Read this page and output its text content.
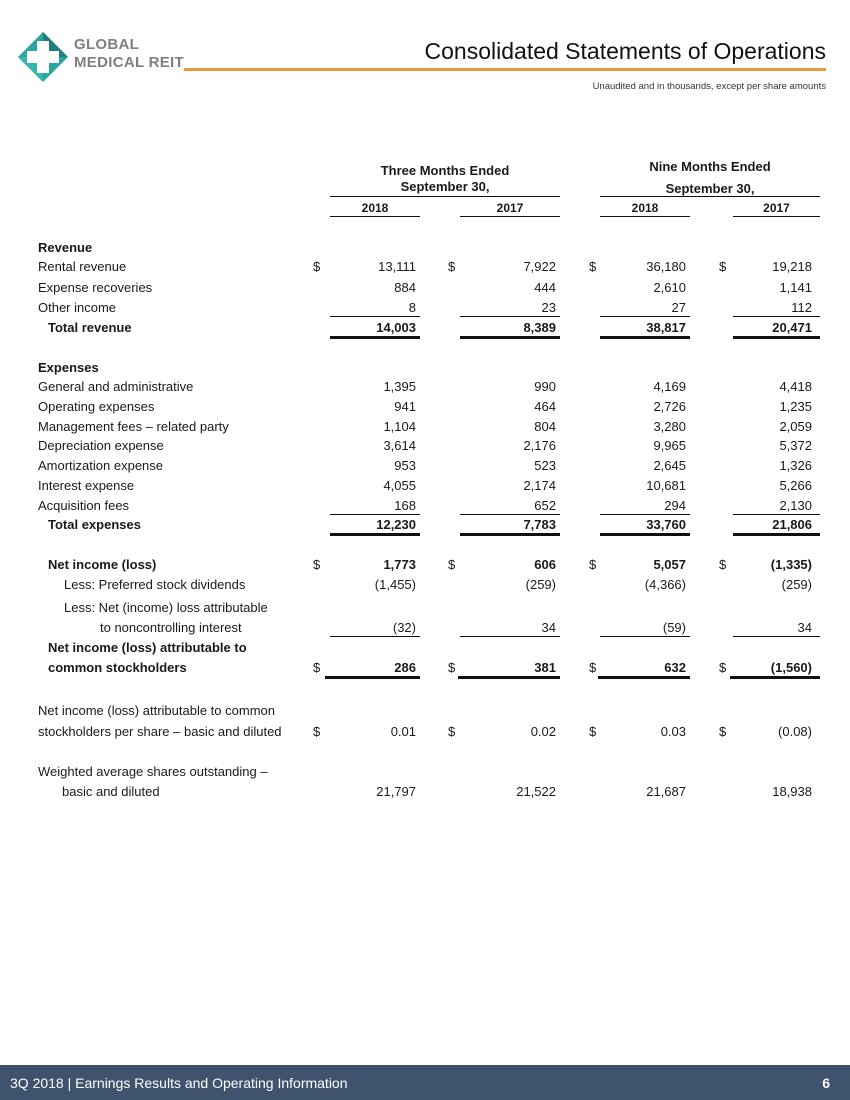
GLOBAL
MEDICAL REIT	Consolidated Statements of Operations
Unaudited and in thousands, except per share amounts
Three Months Ended
September 30,
Nine Months Ended
September 30,
2018	2017	2018	2017
Revenue
Rental revenue	$	13,111 $	7,922	$	36,180	$	19,218
Expense recoveries	884	444	2,610	1,141
Other income	8	23	27	112
Total revenue	14,003	8,389	38,817	20,471
Expenses
General and administrative	1,395	990	4,169	4,418
Operating expenses	941	464	2,726	1,235
Management fees – related party	1,104	804	3,280	2,059
Depreciation expense	3,614	2,176	9,965	5,372
Amortization expense	953	523	2,645	1,326
Interest expense	4,055	2,174	10,681	5,266
Acquisition fees	168	652	294	2,130
Total expenses	12,230	7,783	33,760	21,806
Net income (loss)	$	1,773 $	606	$	5,057	$	(1,335)
Less: Preferred stock dividends	(1,455)	(259)	(4,366)	(259)
Less: Net (income) loss attributable
to noncontrolling interest	(32)	34	(59)	34
Net income (loss) attributable to
common stockholders	$	286 $	381	$	632	$	(1,560)
Net income (loss) attributable to common
stockholders per share – basic and diluted $	0.01 $	0.02	$	0.03	$	(0.08)
Weighted average shares outstanding –
basic and diluted	21,797	21,522	21,687	18,938
3Q 2018 | Earnings Results and Operating Information	6
